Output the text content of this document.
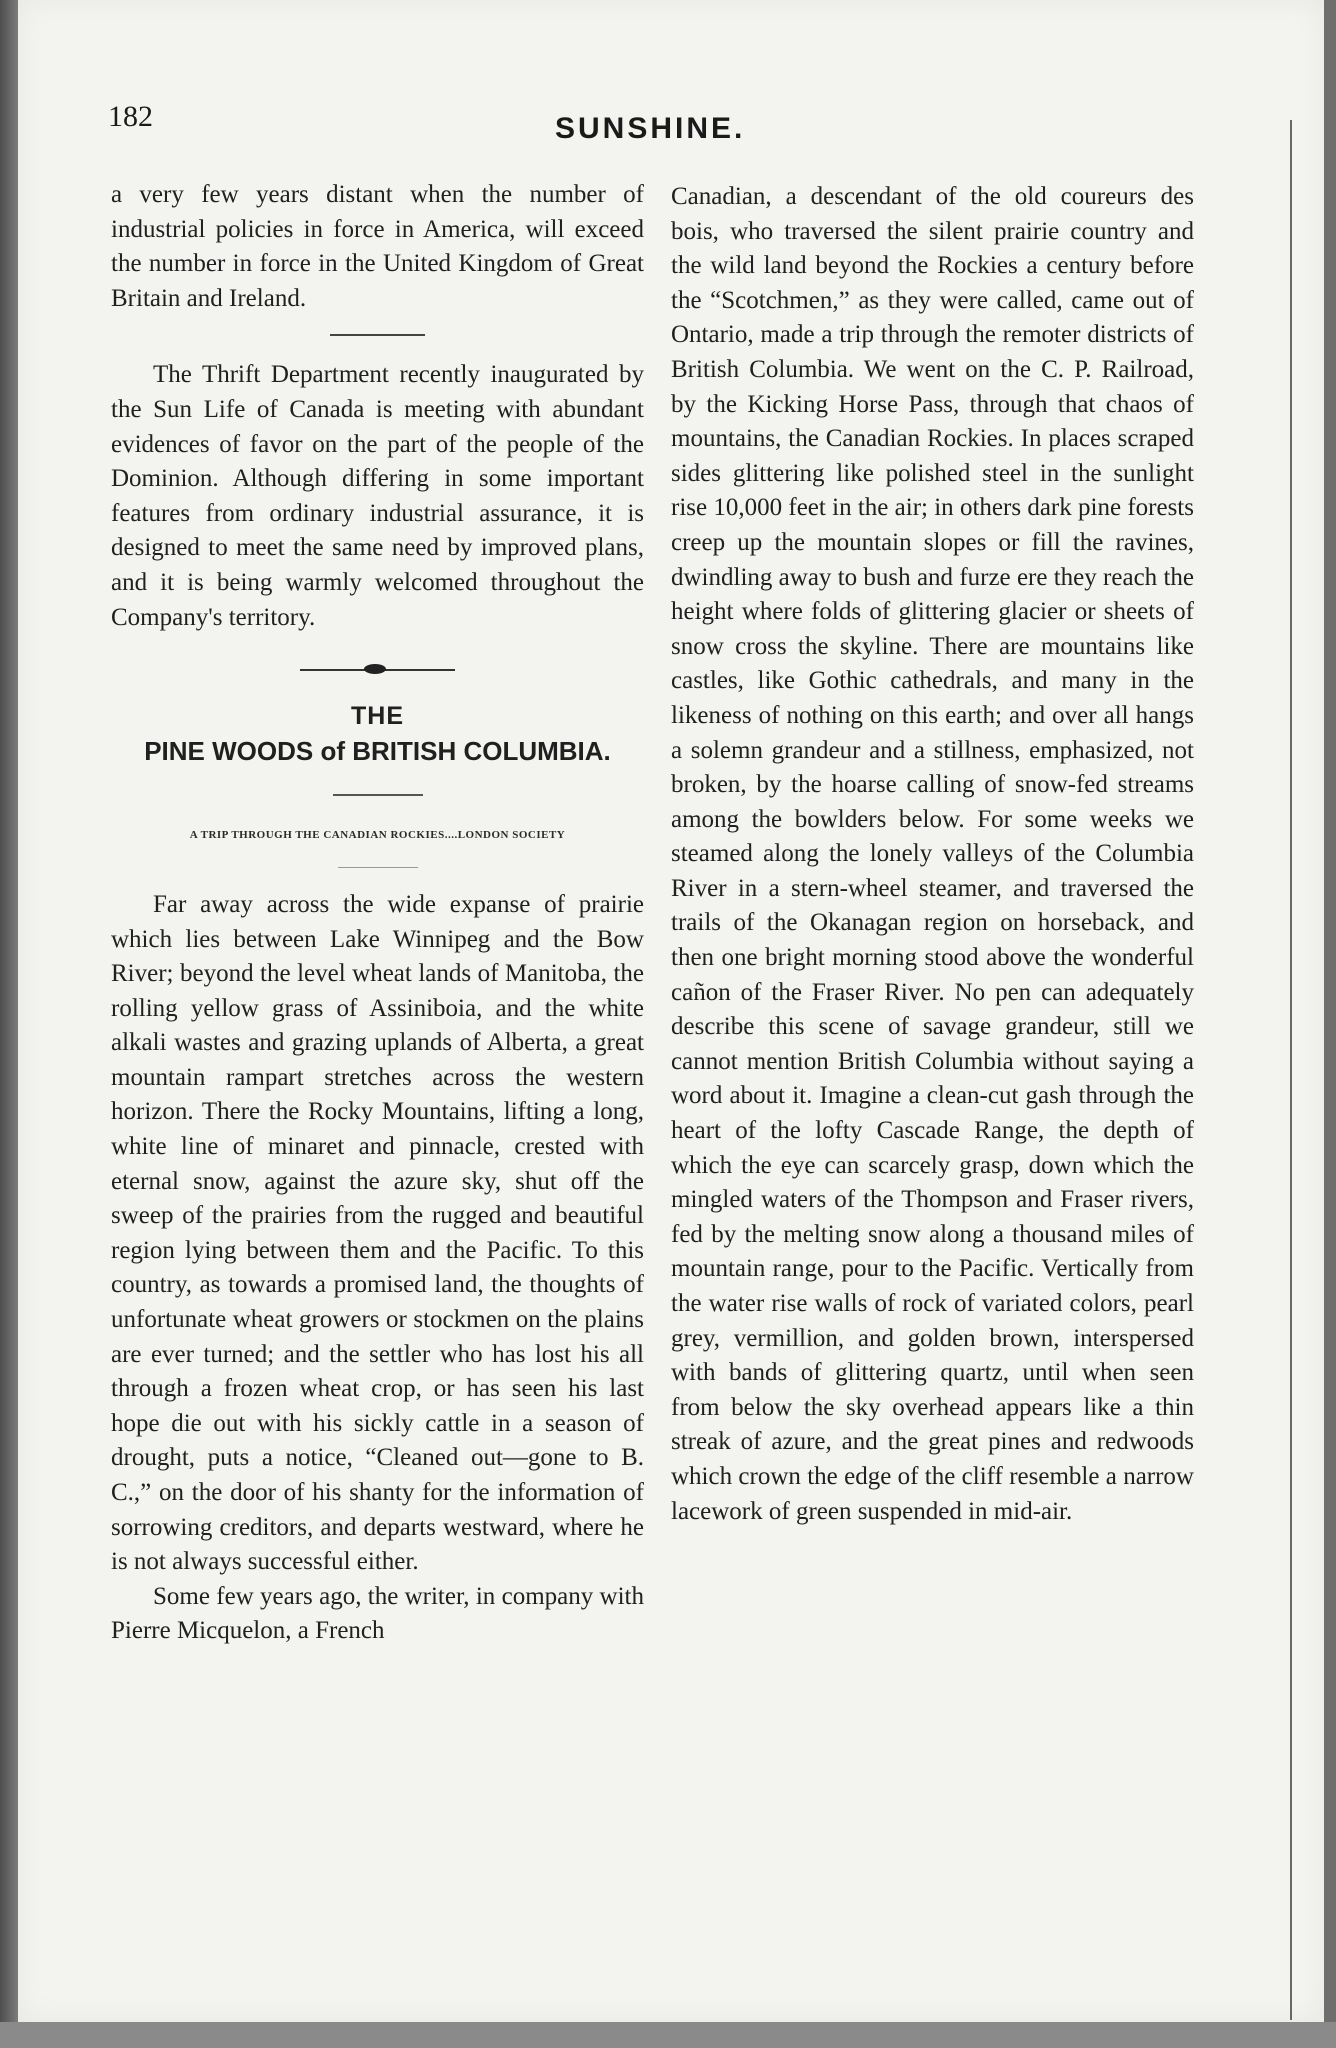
182	SUNSHINE.

a very few years distant when the number of industrial policies in force in America, will exceed the number in force in the United Kingdom of Great Britain and Ireland.

The Thrift Department recently inaugurated by the Sun Life of Canada is meeting with abundant evidences of favor on the part of the people of the Dominion. Although differing in some important features from ordinary industrial assurance, it is designed to meet the same need by improved plans, and it is being warmly welcomed throughout the Company's territory.

THE

PINE WOODS of BRITISH COLUMBIA.

A TRIP THROUGH THE CANADIAN ROCKIES....LONDON SOCIETY

Far away across the wide expanse of prairie which lies between Lake Winnipeg and the Bow River; beyond the level wheat lands of Manitoba, the rolling yellow grass of Assiniboia, and the white alkali wastes and grazing uplands of Alberta, a great mountain rampart stretches across the western horizon. There the Rocky Mountains, lifting a long, white line of minaret and pinnacle, crested with eternal snow, against the azure sky, shut off the sweep of the prairies from the rugged and beautiful region lying between them and the Pacific. To this country, as towards a promised land, the thoughts of unfortunate wheat growers or stockmen on the plains are ever turned; and the settler who has lost his all through a frozen wheat crop, or has seen his last hope die out with his sickly cattle in a season of drought, puts a notice, “Cleaned out—gone to B. C.,” on the door of his shanty for the information of sorrowing creditors, and departs westward, where he is not always successful either.

Some few years ago, the writer, in company with Pierre Micquelon, a French

Canadian, a descendant of the old coureurs des bois, who traversed the silent prairie country and the wild land beyond the Rockies a century before the “Scotchmen,” as they were called, came out of Ontario, made a trip through the remoter districts of British Columbia. We went on the C. P. Railroad, by the Kicking Horse Pass, through that chaos of mountains, the Canadian Rockies. In places scraped sides glittering like polished steel in the sunlight rise 10,000 feet in the air; in others dark pine forests creep up the mountain slopes or fill the ravines, dwindling away to bush and furze ere they reach the height where folds of glittering glacier or sheets of snow cross the skyline. There are mountains like castles, like Gothic cathedrals, and many in the likeness of nothing on this earth; and over all hangs a solemn grandeur and a stillness, emphasized, not broken, by the hoarse calling of snow-fed streams among the bowlders below. For some weeks we steamed along the lonely valleys of the Columbia River in a stern-wheel steamer, and traversed the trails of the Okanagan region on horseback, and then one bright morning stood above the wonderful cañon of the Fraser River. No pen can adequately describe this scene of savage grandeur, still we cannot mention British Columbia without saying a word about it. Imagine a clean-cut gash through the heart of the lofty Cascade Range, the depth of which the eye can scarcely grasp, down which the mingled waters of the Thompson and Fraser rivers, fed by the melting snow along a thousand miles of mountain range, pour to the Pacific. Vertically from the water rise walls of rock of variated colors, pearl grey, vermillion, and golden brown, interspersed with bands of glittering quartz, until when seen from below the sky overhead appears like a thin streak of azure, and the great pines and redwoods which crown the edge of the cliff resemble a narrow lacework of green suspended in mid-air.
